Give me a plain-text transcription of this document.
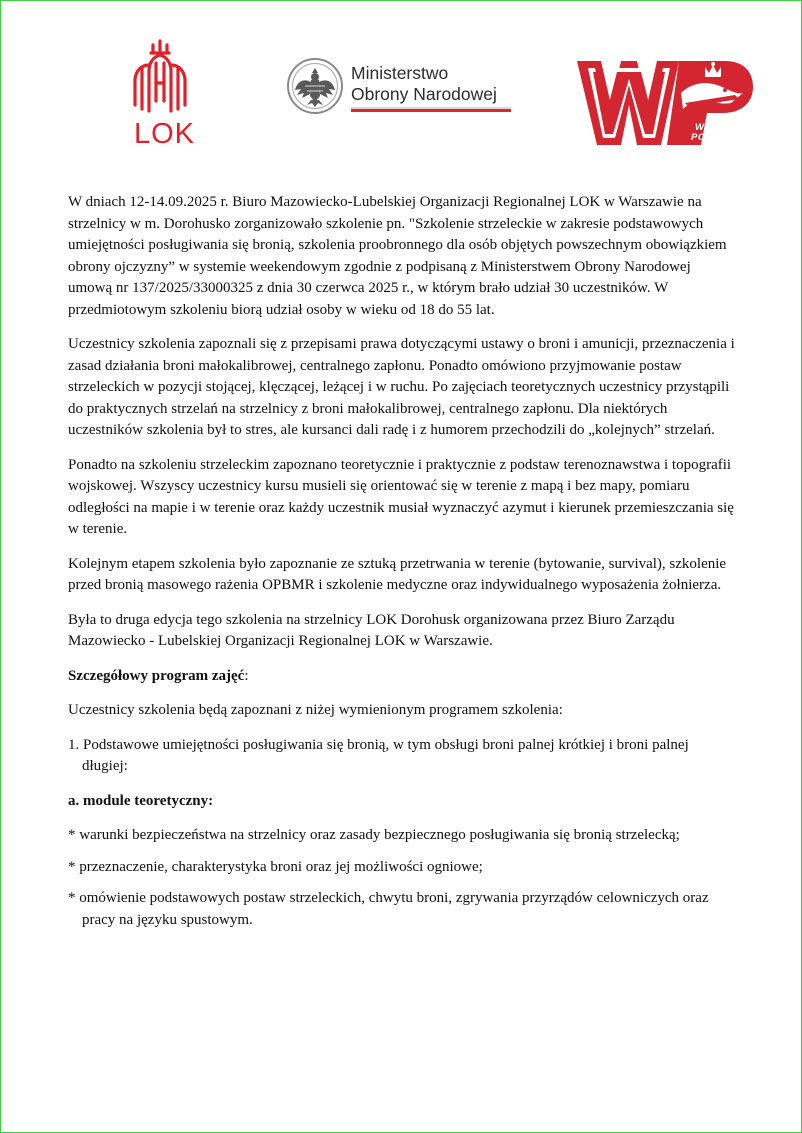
LOK
Ministerstwo
Obrony Narodowej
WOJSKO
POLSKIE

W dniach 12-14.09.2025 r. Biuro Mazowiecko-Lubelskiej Organizacji Regionalnej LOK w Warszawie na strzelnicy w m. Dorohusko zorganizowało szkolenie pn. "Szkolenie strzeleckie w zakresie podstawowych umiejętności posługiwania się bronią, szkolenia proobronnego dla osób objętych powszechnym obowiązkiem obrony ojczyzny” w systemie weekendowym zgodnie z podpisaną z Ministerstwem Obrony Narodowej umową nr 137/2025/33000325 z dnia 30 czerwca 2025 r., w którym brało udział 30 uczestników. W przedmiotowym szkoleniu biorą udział osoby w wieku od 18 do 55 lat.

Uczestnicy szkolenia zapoznali się z przepisami prawa dotyczącymi ustawy o broni i amunicji, przeznaczenia i zasad działania broni małokalibrowej, centralnego zapłonu. Ponadto omówiono przyjmowanie postaw strzeleckich w pozycji stojącej, klęczącej, leżącej i w ruchu. Po zajęciach teoretycznych uczestnicy przystąpili do praktycznych strzelań na strzelnicy z broni małokalibrowej, centralnego zapłonu. Dla niektórych uczestników szkolenia był to stres, ale kursanci dali radę i z humorem przechodzili do „kolejnych” strzelań.

Ponadto na szkoleniu strzeleckim zapoznano teoretycznie i praktycznie z podstaw terenoznawstwa i topografii wojskowej. Wszyscy uczestnicy kursu musieli się orientować się w terenie z mapą i bez mapy, pomiaru odległości na mapie i w terenie oraz każdy uczestnik musiał wyznaczyć azymut i kierunek przemieszczania się w terenie.

Kolejnym etapem szkolenia było zapoznanie ze sztuką przetrwania w terenie (bytowanie, survival), szkolenie przed bronią masowego rażenia OPBMR i szkolenie medyczne oraz indywidualnego wyposażenia żołnierza.

Była to druga edycja tego szkolenia na strzelnicy LOK Dorohusk organizowana przez Biuro Zarządu Mazowiecko - Lubelskiej Organizacji Regionalnej LOK w Warszawie.

Szczegółowy program zajęć:

Uczestnicy szkolenia będą zapoznani z niżej wymienionym programem szkolenia:

1. Podstawowe umiejętności posługiwania się bronią, w tym obsługi broni palnej krótkiej i broni palnej długiej:

a. module teoretyczny:

* warunki bezpieczeństwa na strzelnicy oraz zasady bezpiecznego posługiwania się bronią strzelecką;

* przeznaczenie, charakterystyka broni oraz jej możliwości ogniowe;

* omówienie podstawowych postaw strzeleckich, chwytu broni, zgrywania przyrządów celowniczych oraz pracy na języku spustowym.
